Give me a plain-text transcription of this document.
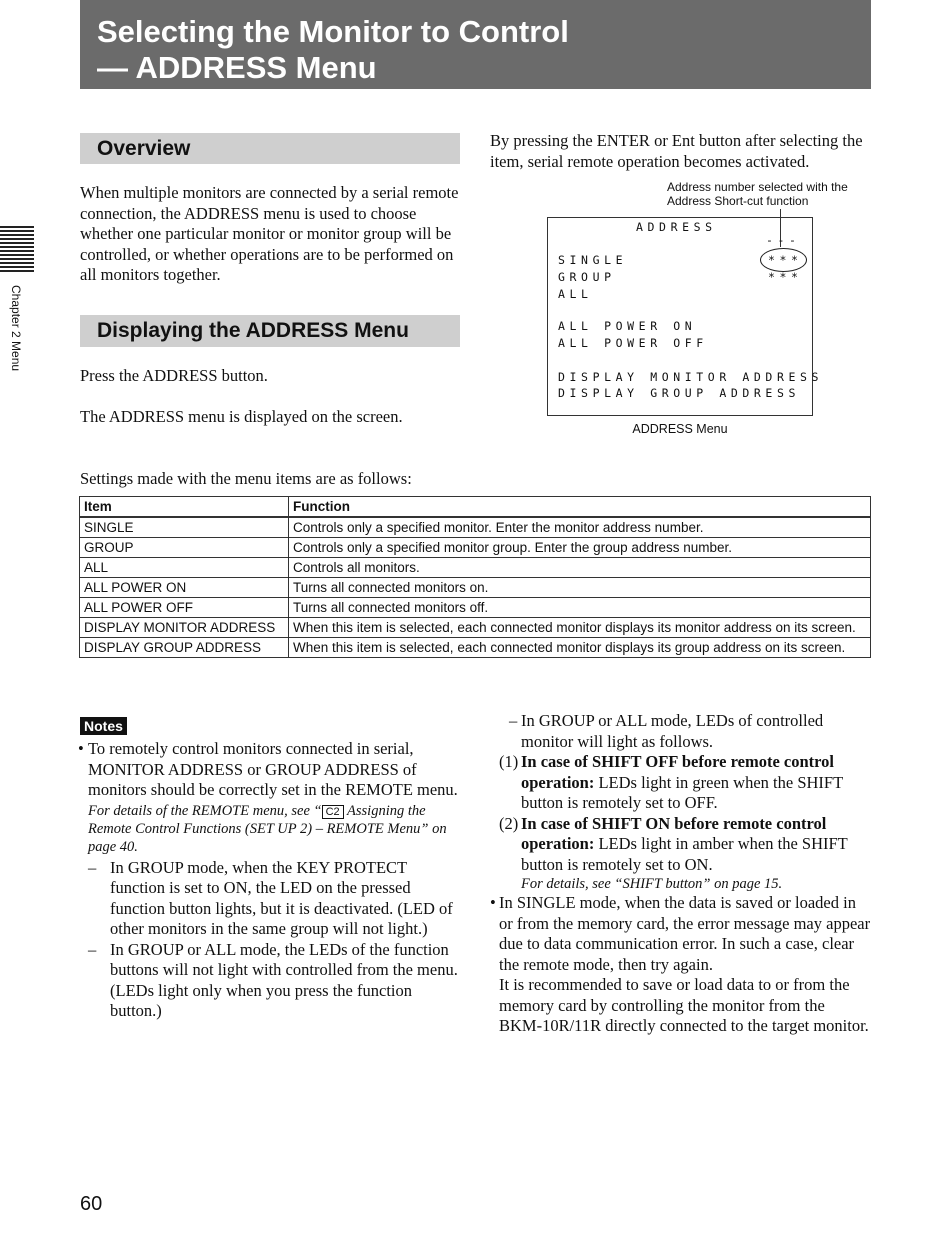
Selecting the Monitor to Control
— ADDRESS Menu
Chapter 2 Menu
Overview
When multiple monitors are connected by a serial remote connection, the ADDRESS menu is used to choose whether one particular monitor or monitor group will be controlled, or whether operations are to be performed on all monitors together.
Displaying the ADDRESS Menu
Press the ADDRESS button.
The ADDRESS menu is displayed on the screen.
By pressing the ENTER or Ent button after selecting the item, serial remote operation becomes activated.
Address number selected with the
Address Short-cut function
ADDRESS
---
SINGLE	***
GROUP	***
ALL
ALL POWER ON
ALL POWER OFF
DISPLAY MONITOR ADDRESS
DISPLAY GROUP ADDRESS
ADDRESS Menu
Settings made with the menu items are as follows:
Item	Function
SINGLE	Controls only a specified monitor. Enter the monitor address number.
GROUP	Controls only a specified monitor group. Enter the group address number.
ALL	Controls all monitors.
ALL POWER ON	Turns all connected monitors on.
ALL POWER OFF	Turns all connected monitors off.
DISPLAY MONITOR ADDRESS	When this item is selected, each connected monitor displays its monitor address on its screen.
DISPLAY GROUP ADDRESS	When this item is selected, each connected monitor displays its group address on its screen.
Notes
• To remotely control monitors connected in serial, MONITOR ADDRESS or GROUP ADDRESS of monitors should be correctly set in the REMOTE menu.
For details of the REMOTE menu, see “ C2 Assigning the Remote Control Functions (SET UP 2) – REMOTE Menu” on page 40.
– In GROUP mode, when the KEY PROTECT function is set to ON, the LED on the pressed function button lights, but it is deactivated. (LED of other monitors in the same group will not light.)
– In GROUP or ALL mode, the LEDs of the function buttons will not light with controlled from the menu. (LEDs light only when you press the function button.)
– In GROUP or ALL mode, LEDs of controlled monitor will light as follows.
(1) In case of SHIFT OFF before remote control operation: LEDs light in green when the SHIFT button is remotely set to OFF.
(2) In case of SHIFT ON before remote control operation: LEDs light in amber when the SHIFT button is remotely set to ON.
For details, see “SHIFT button” on page 15.
• In SINGLE mode, when the data is saved or loaded in or from the memory card, the error message may appear due to data communication error. In such a case, clear the remote mode, then try again.
It is recommended to save or load data to or from the memory card by controlling the monitor from the BKM-10R/11R directly connected to the target monitor.
60
